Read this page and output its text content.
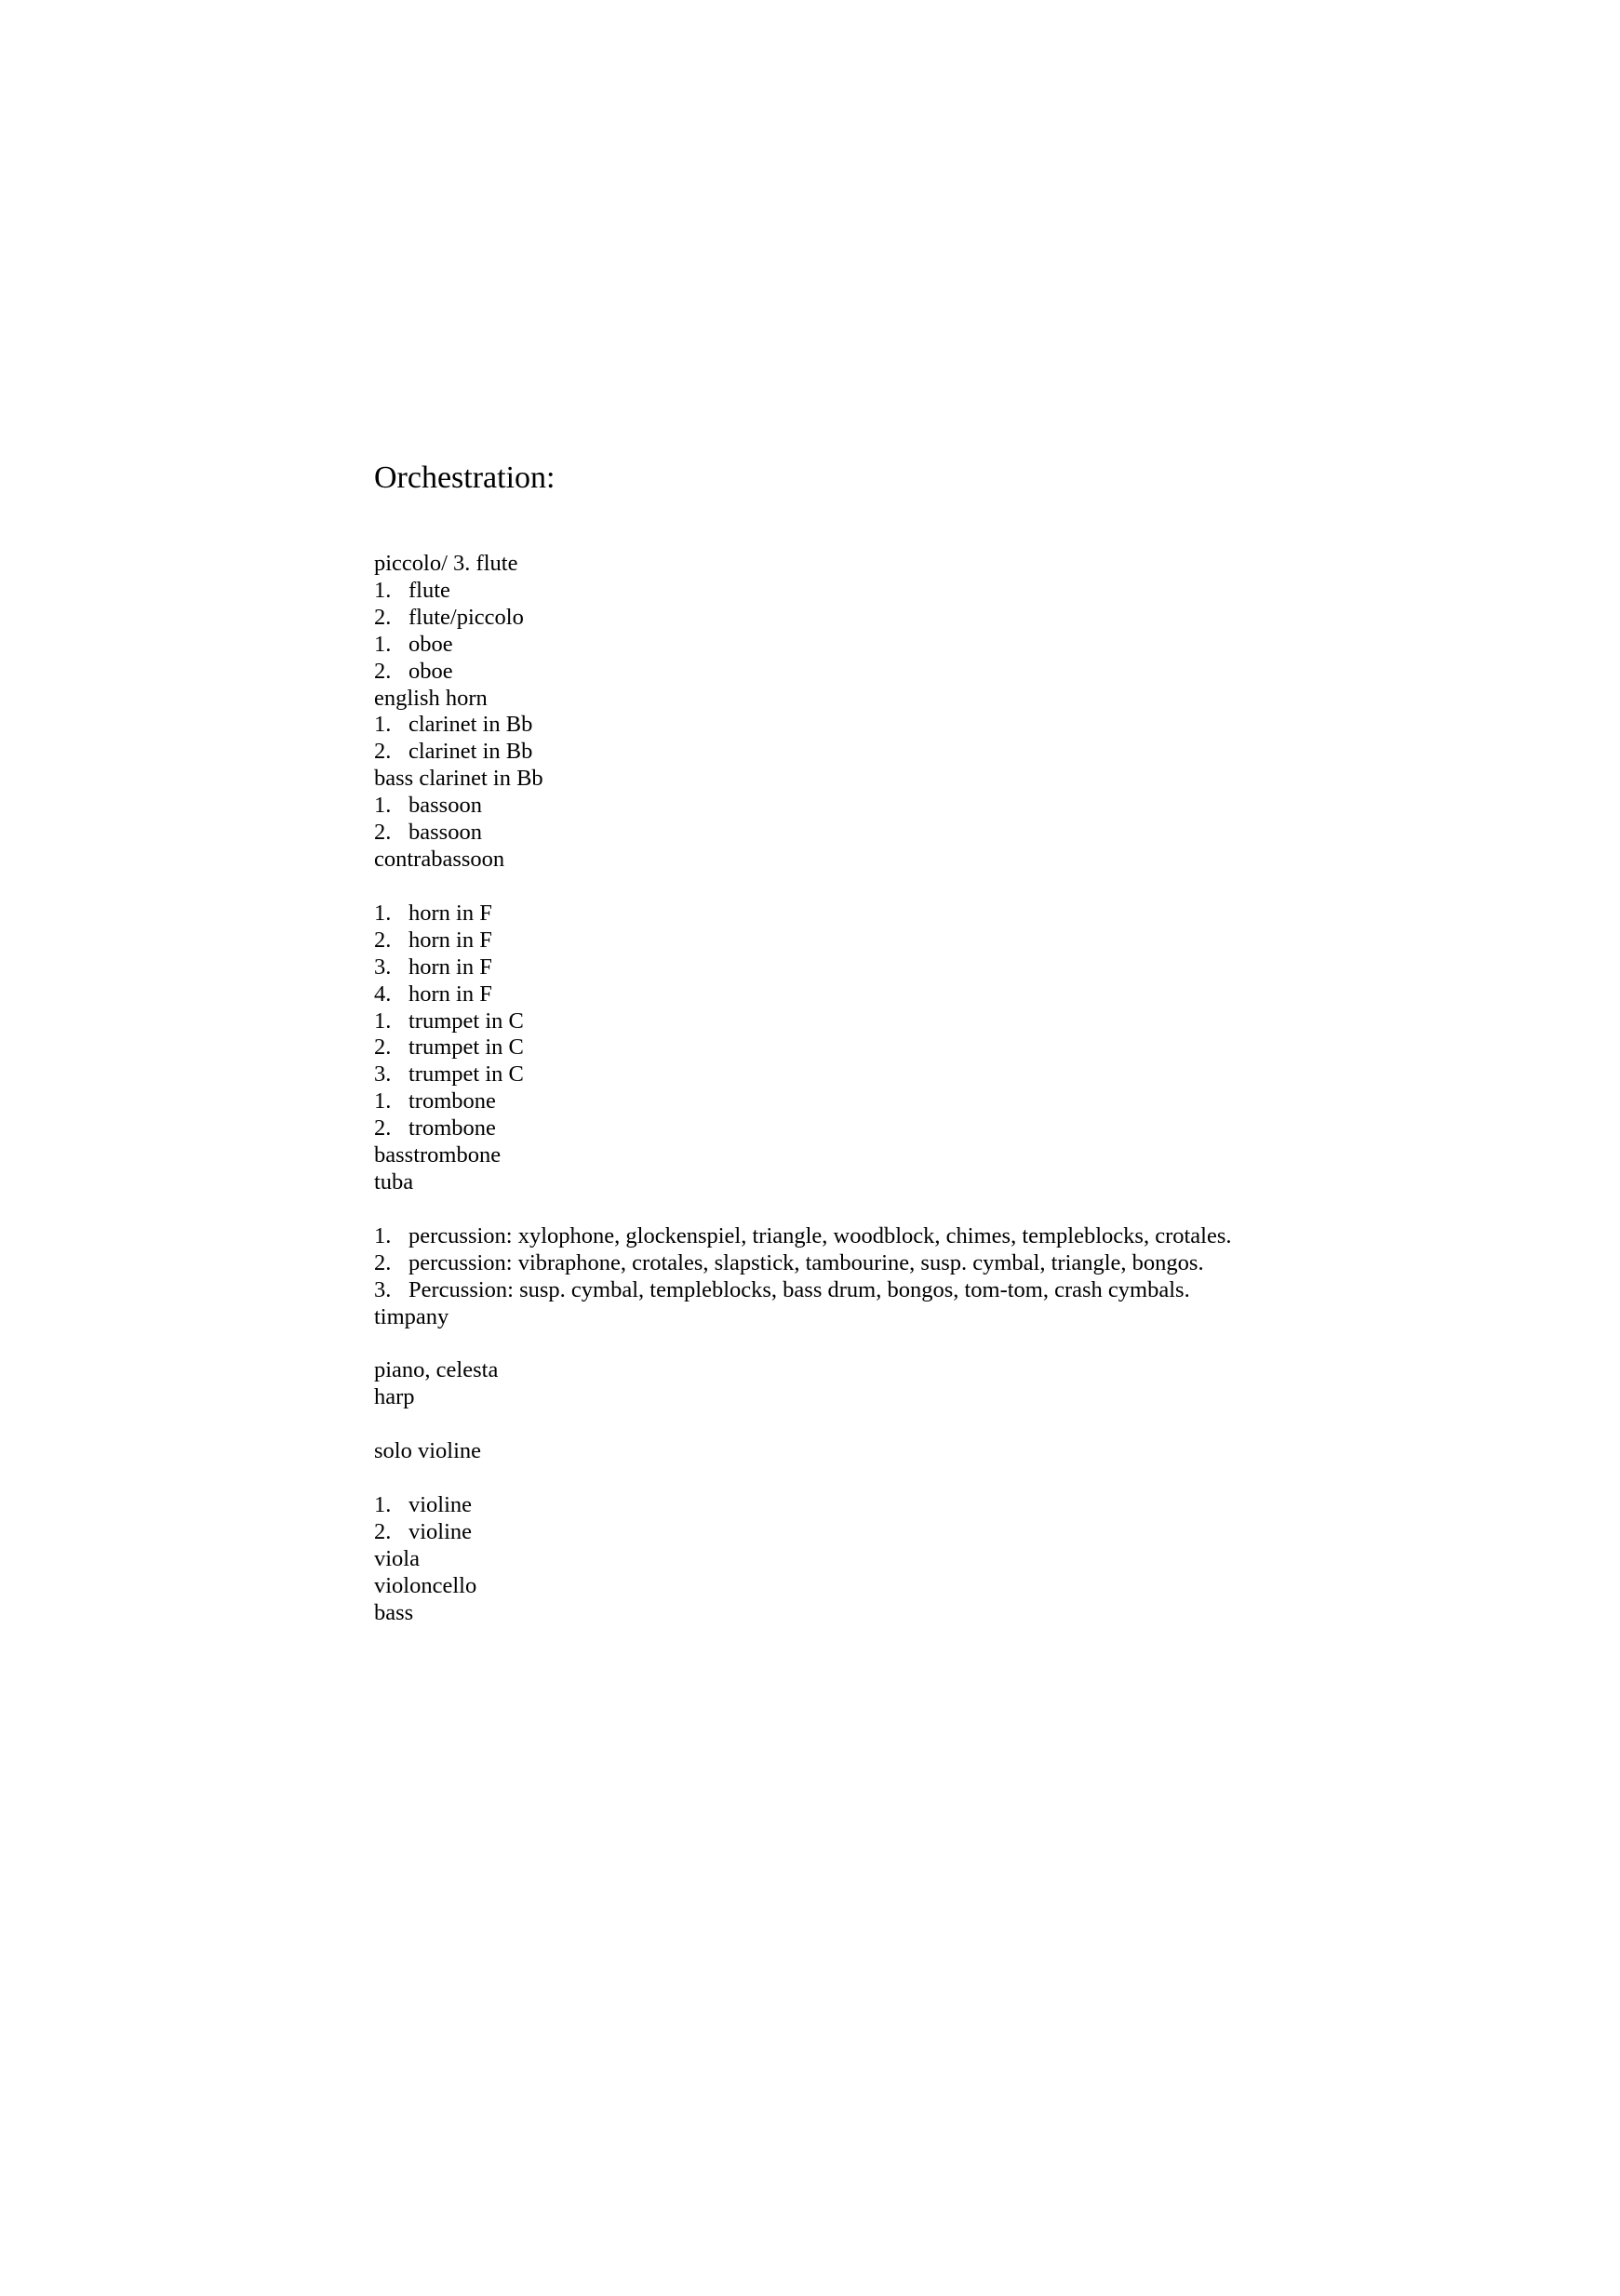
Orchestration:
piccolo/ 3. flute
1. flute
2. flute/piccolo
1. oboe
2. oboe
english horn
1. clarinet in Bb
2. clarinet in Bb
bass clarinet in Bb
1. bassoon
2. bassoon
contrabassoon
1. horn in F
2. horn in F
3. horn in F
4. horn in F
1. trumpet in C
2. trumpet in C
3. trumpet in C
1. trombone
2. trombone
basstrombone
tuba
1. percussion: xylophone, glockenspiel, triangle, woodblock, chimes, templeblocks, crotales.
2. percussion: vibraphone, crotales, slapstick, tambourine, susp. cymbal, triangle, bongos.
3. Percussion: susp. cymbal, templeblocks, bass drum, bongos, tom-tom, crash cymbals.
timpany
piano, celesta
harp
solo violine
1. violine
2. violine
viola
violoncello
bass
